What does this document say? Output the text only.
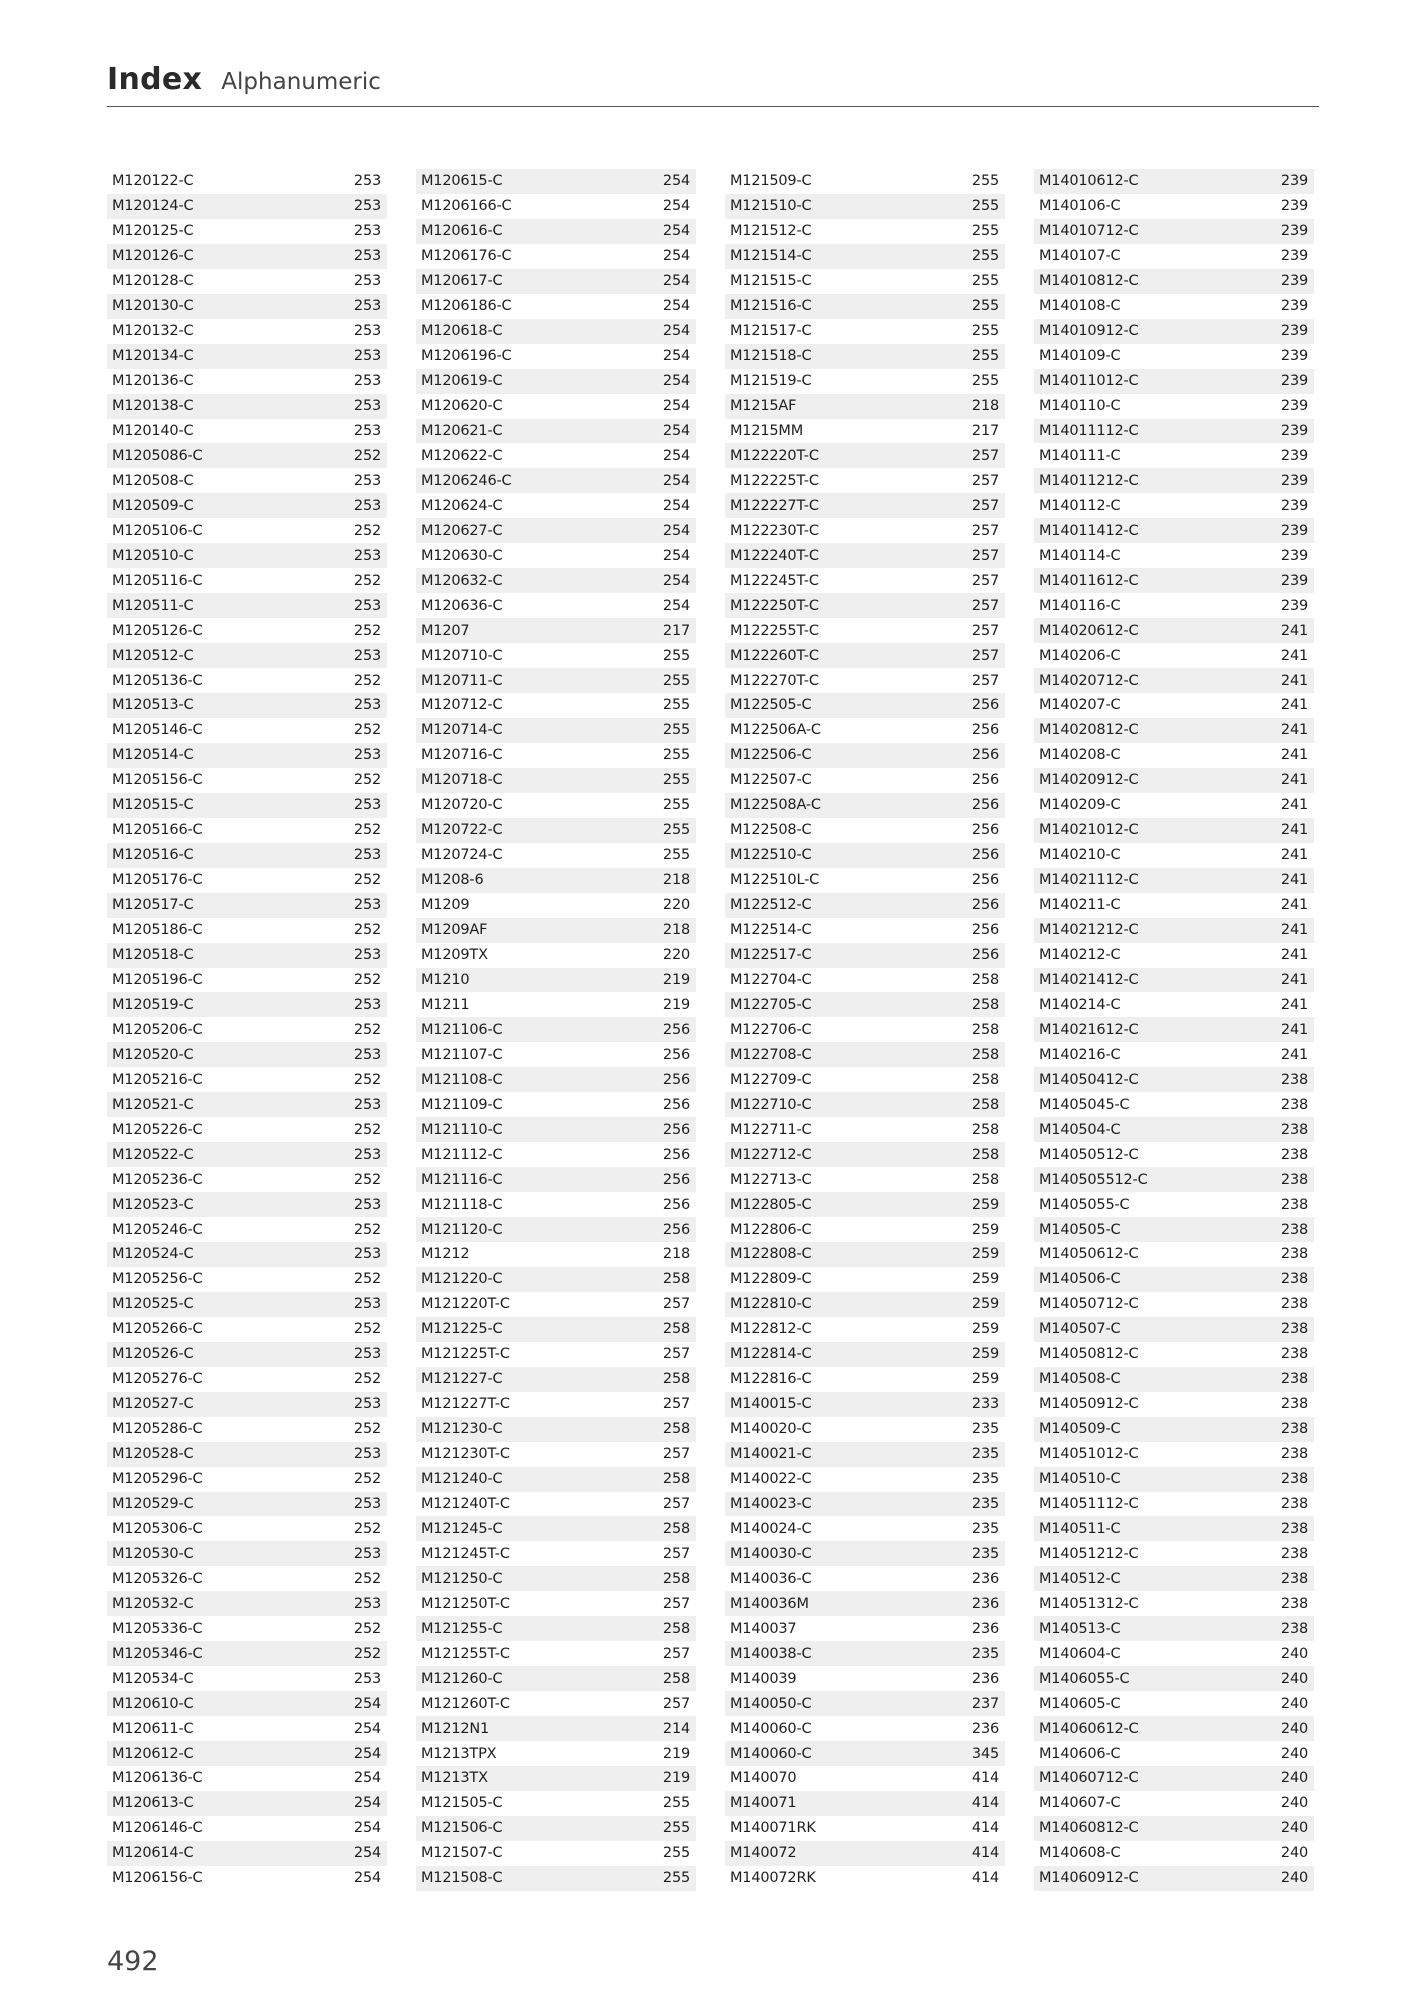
Index Alphanumeric
M120122-C	253
M120124-C	253
M120125-C	253
M120126-C	253
M120128-C	253
M120130-C	253
M120132-C	253
M120134-C	253
M120136-C	253
M120138-C	253
M120140-C	253
M1205086-C	252
M120508-C	253
M120509-C	253
M1205106-C	252
M120510-C	253
M1205116-C	252
M120511-C	253
M1205126-C	252
M120512-C	253
M1205136-C	252
M120513-C	253
M1205146-C	252
M120514-C	253
M1205156-C	252
M120515-C	253
M1205166-C	252
M120516-C	253
M1205176-C	252
M120517-C	253
M1205186-C	252
M120518-C	253
M1205196-C	252
M120519-C	253
M1205206-C	252
M120520-C	253
M1205216-C	252
M120521-C	253
M1205226-C	252
M120522-C	253
M1205236-C	252
M120523-C	253
M1205246-C	252
M120524-C	253
M1205256-C	252
M120525-C	253
M1205266-C	252
M120526-C	253
M1205276-C	252
M120527-C	253
M1205286-C	252
M120528-C	253
M1205296-C	252
M120529-C	253
M1205306-C	252
M120530-C	253
M1205326-C	252
M120532-C	253
M1205336-C	252
M1205346-C	252
M120534-C	253
M120610-C	254
M120611-C	254
M120612-C	254
M1206136-C	254
M120613-C	254
M1206146-C	254
M120614-C	254
M1206156-C	254
M120615-C	254
M1206166-C	254
M120616-C	254
M1206176-C	254
M120617-C	254
M1206186-C	254
M120618-C	254
M1206196-C	254
M120619-C	254
M120620-C	254
M120621-C	254
M120622-C	254
M1206246-C	254
M120624-C	254
M120627-C	254
M120630-C	254
M120632-C	254
M120636-C	254
M1207	217
M120710-C	255
M120711-C	255
M120712-C	255
M120714-C	255
M120716-C	255
M120718-C	255
M120720-C	255
M120722-C	255
M120724-C	255
M1208-6	218
M1209	220
M1209AF	218
M1209TX	220
M1210	219
M1211	219
M121106-C	256
M121107-C	256
M121108-C	256
M121109-C	256
M121110-C	256
M121112-C	256
M121116-C	256
M121118-C	256
M121120-C	256
M1212	218
M121220-C	258
M121220T-C	257
M121225-C	258
M121225T-C	257
M121227-C	258
M121227T-C	257
M121230-C	258
M121230T-C	257
M121240-C	258
M121240T-C	257
M121245-C	258
M121245T-C	257
M121250-C	258
M121250T-C	257
M121255-C	258
M121255T-C	257
M121260-C	258
M121260T-C	257
M1212N1	214
M1213TPX	219
M1213TX	219
M121505-C	255
M121506-C	255
M121507-C	255
M121508-C	255
M121509-C	255
M121510-C	255
M121512-C	255
M121514-C	255
M121515-C	255
M121516-C	255
M121517-C	255
M121518-C	255
M121519-C	255
M1215AF	218
M1215MM	217
M122220T-C	257
M122225T-C	257
M122227T-C	257
M122230T-C	257
M122240T-C	257
M122245T-C	257
M122250T-C	257
M122255T-C	257
M122260T-C	257
M122270T-C	257
M122505-C	256
M122506A-C	256
M122506-C	256
M122507-C	256
M122508A-C	256
M122508-C	256
M122510-C	256
M122510L-C	256
M122512-C	256
M122514-C	256
M122517-C	256
M122704-C	258
M122705-C	258
M122706-C	258
M122708-C	258
M122709-C	258
M122710-C	258
M122711-C	258
M122712-C	258
M122713-C	258
M122805-C	259
M122806-C	259
M122808-C	259
M122809-C	259
M122810-C	259
M122812-C	259
M122814-C	259
M122816-C	259
M140015-C	233
M140020-C	235
M140021-C	235
M140022-C	235
M140023-C	235
M140024-C	235
M140030-C	235
M140036-C	236
M140036M	236
M140037	236
M140038-C	235
M140039	236
M140050-C	237
M140060-C	236
M140060-C	345
M140070	414
M140071	414
M140071RK	414
M140072	414
M140072RK	414
M14010612-C	239
M140106-C	239
M14010712-C	239
M140107-C	239
M14010812-C	239
M140108-C	239
M14010912-C	239
M140109-C	239
M14011012-C	239
M140110-C	239
M14011112-C	239
M140111-C	239
M14011212-C	239
M140112-C	239
M14011412-C	239
M140114-C	239
M14011612-C	239
M140116-C	239
M14020612-C	241
M140206-C	241
M14020712-C	241
M140207-C	241
M14020812-C	241
M140208-C	241
M14020912-C	241
M140209-C	241
M14021012-C	241
M140210-C	241
M14021112-C	241
M140211-C	241
M14021212-C	241
M140212-C	241
M14021412-C	241
M140214-C	241
M14021612-C	241
M140216-C	241
M14050412-C	238
M1405045-C	238
M140504-C	238
M14050512-C	238
M140505512-C	238
M1405055-C	238
M140505-C	238
M14050612-C	238
M140506-C	238
M14050712-C	238
M140507-C	238
M14050812-C	238
M140508-C	238
M14050912-C	238
M140509-C	238
M14051012-C	238
M140510-C	238
M14051112-C	238
M140511-C	238
M14051212-C	238
M140512-C	238
M14051312-C	238
M140513-C	238
M140604-C	240
M1406055-C	240
M140605-C	240
M14060612-C	240
M140606-C	240
M14060712-C	240
M140607-C	240
M14060812-C	240
M140608-C	240
M14060912-C	240
492
